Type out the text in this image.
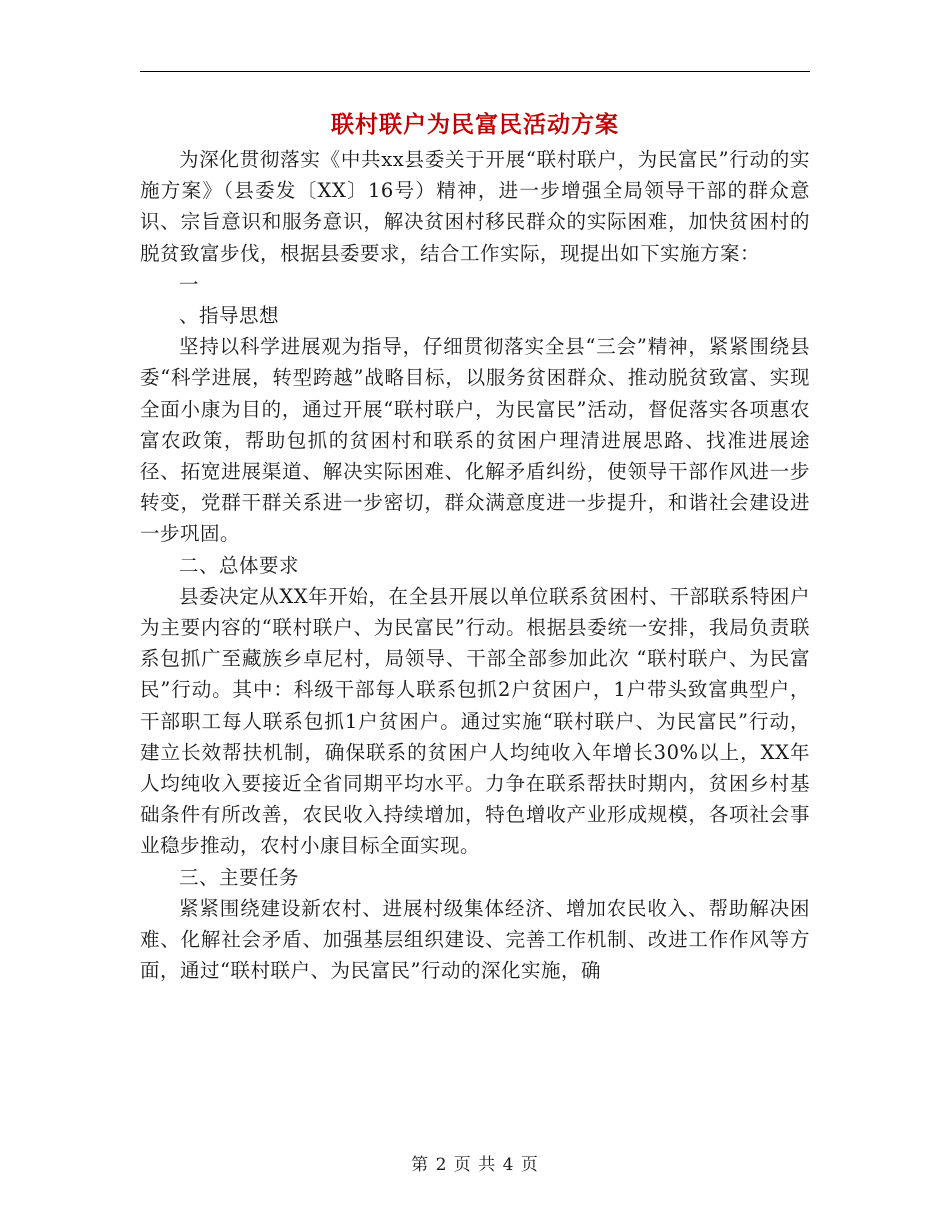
联村联户为民富民活动方案

为深化贯彻落实《中共xx县委关于开展“联村联户，为民富民”行动的实施方案》（县委发〔XX〕16号）精神，进一步增强全局领导干部的群众意识、宗旨意识和服务意识，解决贫困村移民群众的实际困难，加快贫困村的脱贫致富步伐，根据县委要求，结合工作实际，现提出如下实施方案：

一

、指导思想

坚持以科学进展观为指导，仔细贯彻落实全县“三会”精神，紧紧围绕县委“科学进展，转型跨越”战略目标，以服务贫困群众、推动脱贫致富、实现全面小康为目的，通过开展“联村联户，为民富民”活动，督促落实各项惠农富农政策，帮助包抓的贫困村和联系的贫困户理清进展思路、找准进展途径、拓宽进展渠道、解决实际困难、化解矛盾纠纷，使领导干部作风进一步转变，党群干群关系进一步密切，群众满意度进一步提升，和谐社会建设进一步巩固。

二、总体要求

县委决定从XX年开始，在全县开展以单位联系贫困村、干部联系特困户为主要内容的“联村联户、为民富民”行动。根据县委统一安排，我局负责联系包抓广至藏族乡卓尼村，局领导、干部全部参加此次 “联村联户、为民富民”行动。其中：科级干部每人联系包抓2户贫困户，1户带头致富典型户，干部职工每人联系包抓1户贫困户。通过实施“联村联户、为民富民”行动，建立长效帮扶机制，确保联系的贫困户人均纯收入年增长30%以上，XX年人均纯收入要接近全省同期平均水平。力争在联系帮扶时期内，贫困乡村基础条件有所改善，农民收入持续增加，特色增收产业形成规模，各项社会事业稳步推动，农村小康目标全面实现。

三、主要任务

紧紧围绕建设新农村、进展村级集体经济、增加农民收入、帮助解决困难、化解社会矛盾、加强基层组织建设、完善工作机制、改进工作作风等方面，通过“联村联户、为民富民”行动的深化实施，确

第 2 页 共 4 页
